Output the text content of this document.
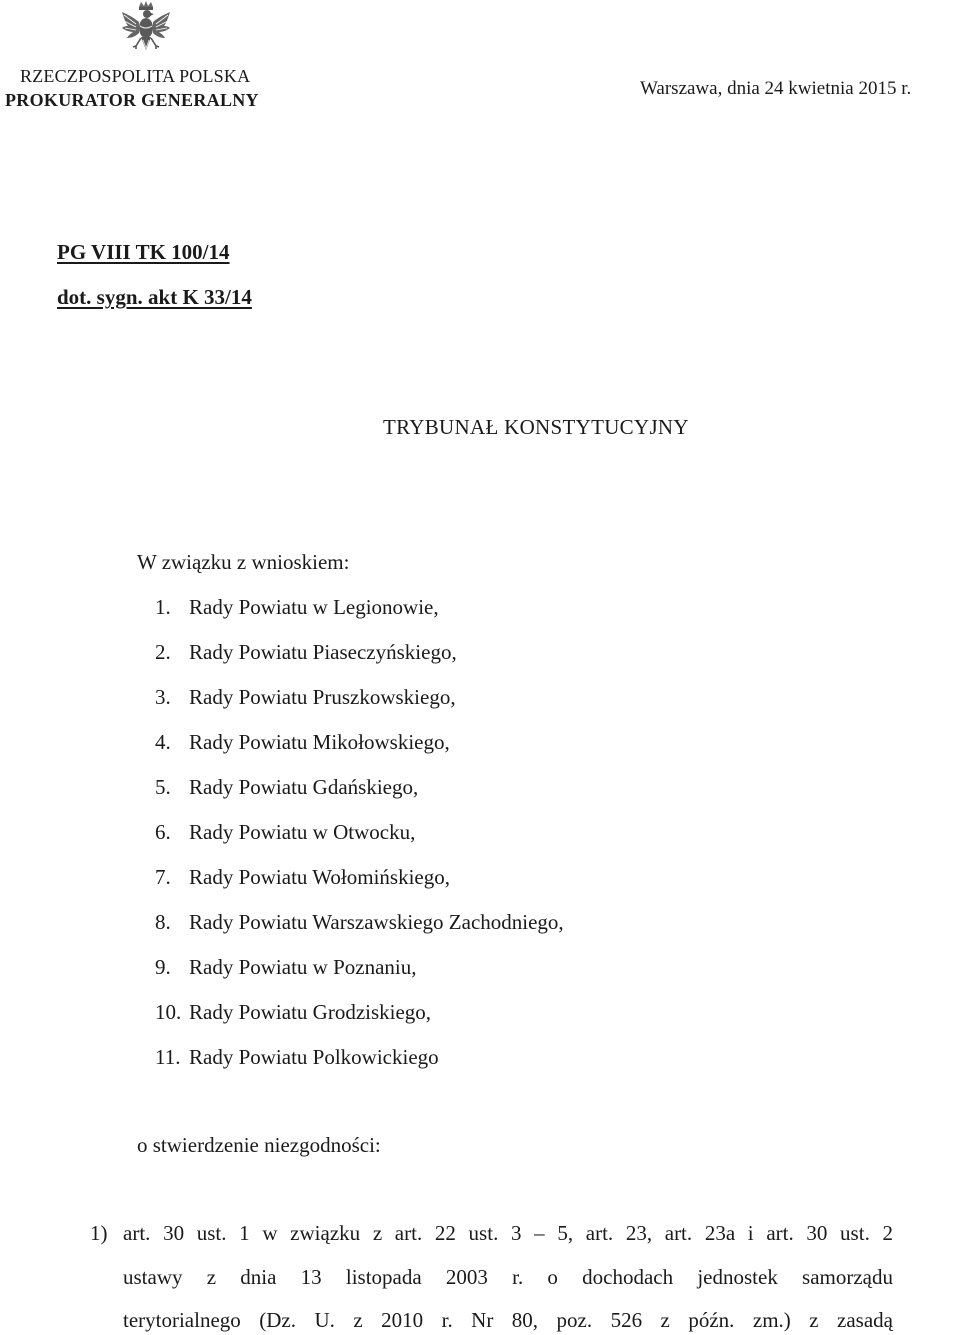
RZECZPOSPOLITA POLSKA
PROKURATOR GENERALNY
Warszawa, dnia 24 kwietnia 2015 r.
PG VIII TK 100/14
dot. sygn. akt K 33/14
TRYBUNAŁ KONSTYTUCYJNY
W związku z wnioskiem:
1. Rady Powiatu w Legionowie,
2. Rady Powiatu Piaseczyńskiego,
3. Rady Powiatu Pruszkowskiego,
4. Rady Powiatu Mikołowskiego,
5. Rady Powiatu Gdańskiego,
6. Rady Powiatu w Otwocku,
7. Rady Powiatu Wołomińskiego,
8. Rady Powiatu Warszawskiego Zachodniego,
9. Rady Powiatu w Poznaniu,
10. Rady Powiatu Grodziskiego,
11. Rady Powiatu Polkowickiego
o stwierdzenie niezgodności:
1) art. 30 ust. 1 w związku z art. 22 ust. 3 – 5, art. 23, art. 23a i art. 30 ust. 2
ustawy z dnia 13 listopada 2003 r. o dochodach jednostek samorządu
terytorialnego (Dz. U. z 2010 r. Nr 80, poz. 526 z późn. zm.) z zasadą
